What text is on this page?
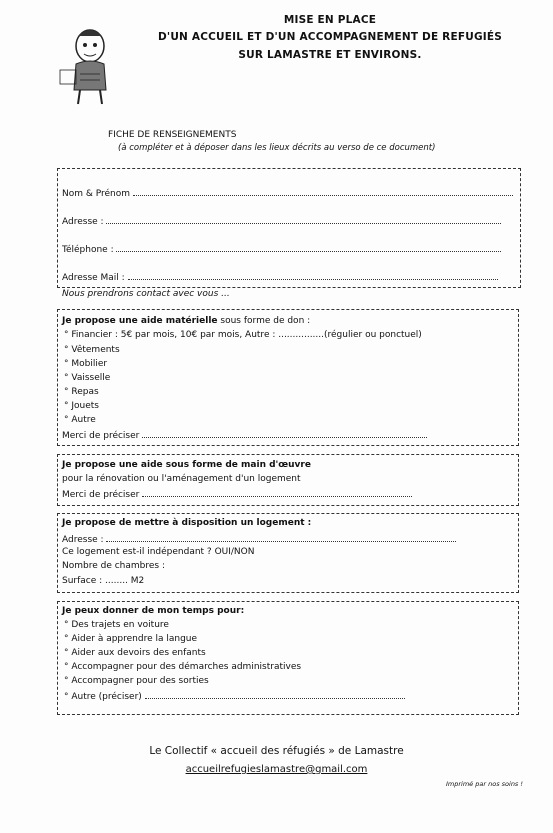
MISE EN PLACE
D'UN ACCUEIL ET D'UN ACCOMPAGNEMENT DE REFUGIÉS
SUR LAMASTRE ET ENVIRONS.
FICHE DE RENSEIGNEMENTS
(à compléter et à déposer dans les lieux décrits au verso de ce document)
Nom & Prénom
Adresse :
Téléphone :
Adresse Mail :
Nous prendrons contact avec vous ...
Je propose une aide matérielle sous forme de don :
° Financier : 5€ par mois, 10€ par mois, Autre : ................(régulier ou ponctuel)
° Vêtements
° Mobilier
° Vaisselle
° Repas
° Jouets
° Autre
Merci de préciser
Je propose une aide sous forme de main d'œuvre
pour la rénovation ou l'aménagement d'un logement
Merci de préciser
Je propose de mettre à disposition un logement :
Adresse :
Ce logement est-il indépendant ? OUI/NON
Nombre de chambres :
Surface : ........ M2
Je peux donner de mon temps pour:
° Des trajets en voiture
° Aider à apprendre la langue
° Aider aux devoirs des enfants
° Accompagner pour des démarches administratives
° Accompagner pour des sorties
° Autre (préciser)
Le Collectif « accueil des réfugiés » de Lamastre
accueilrefugieslamastre@gmail.com
Imprimé par nos soins !
